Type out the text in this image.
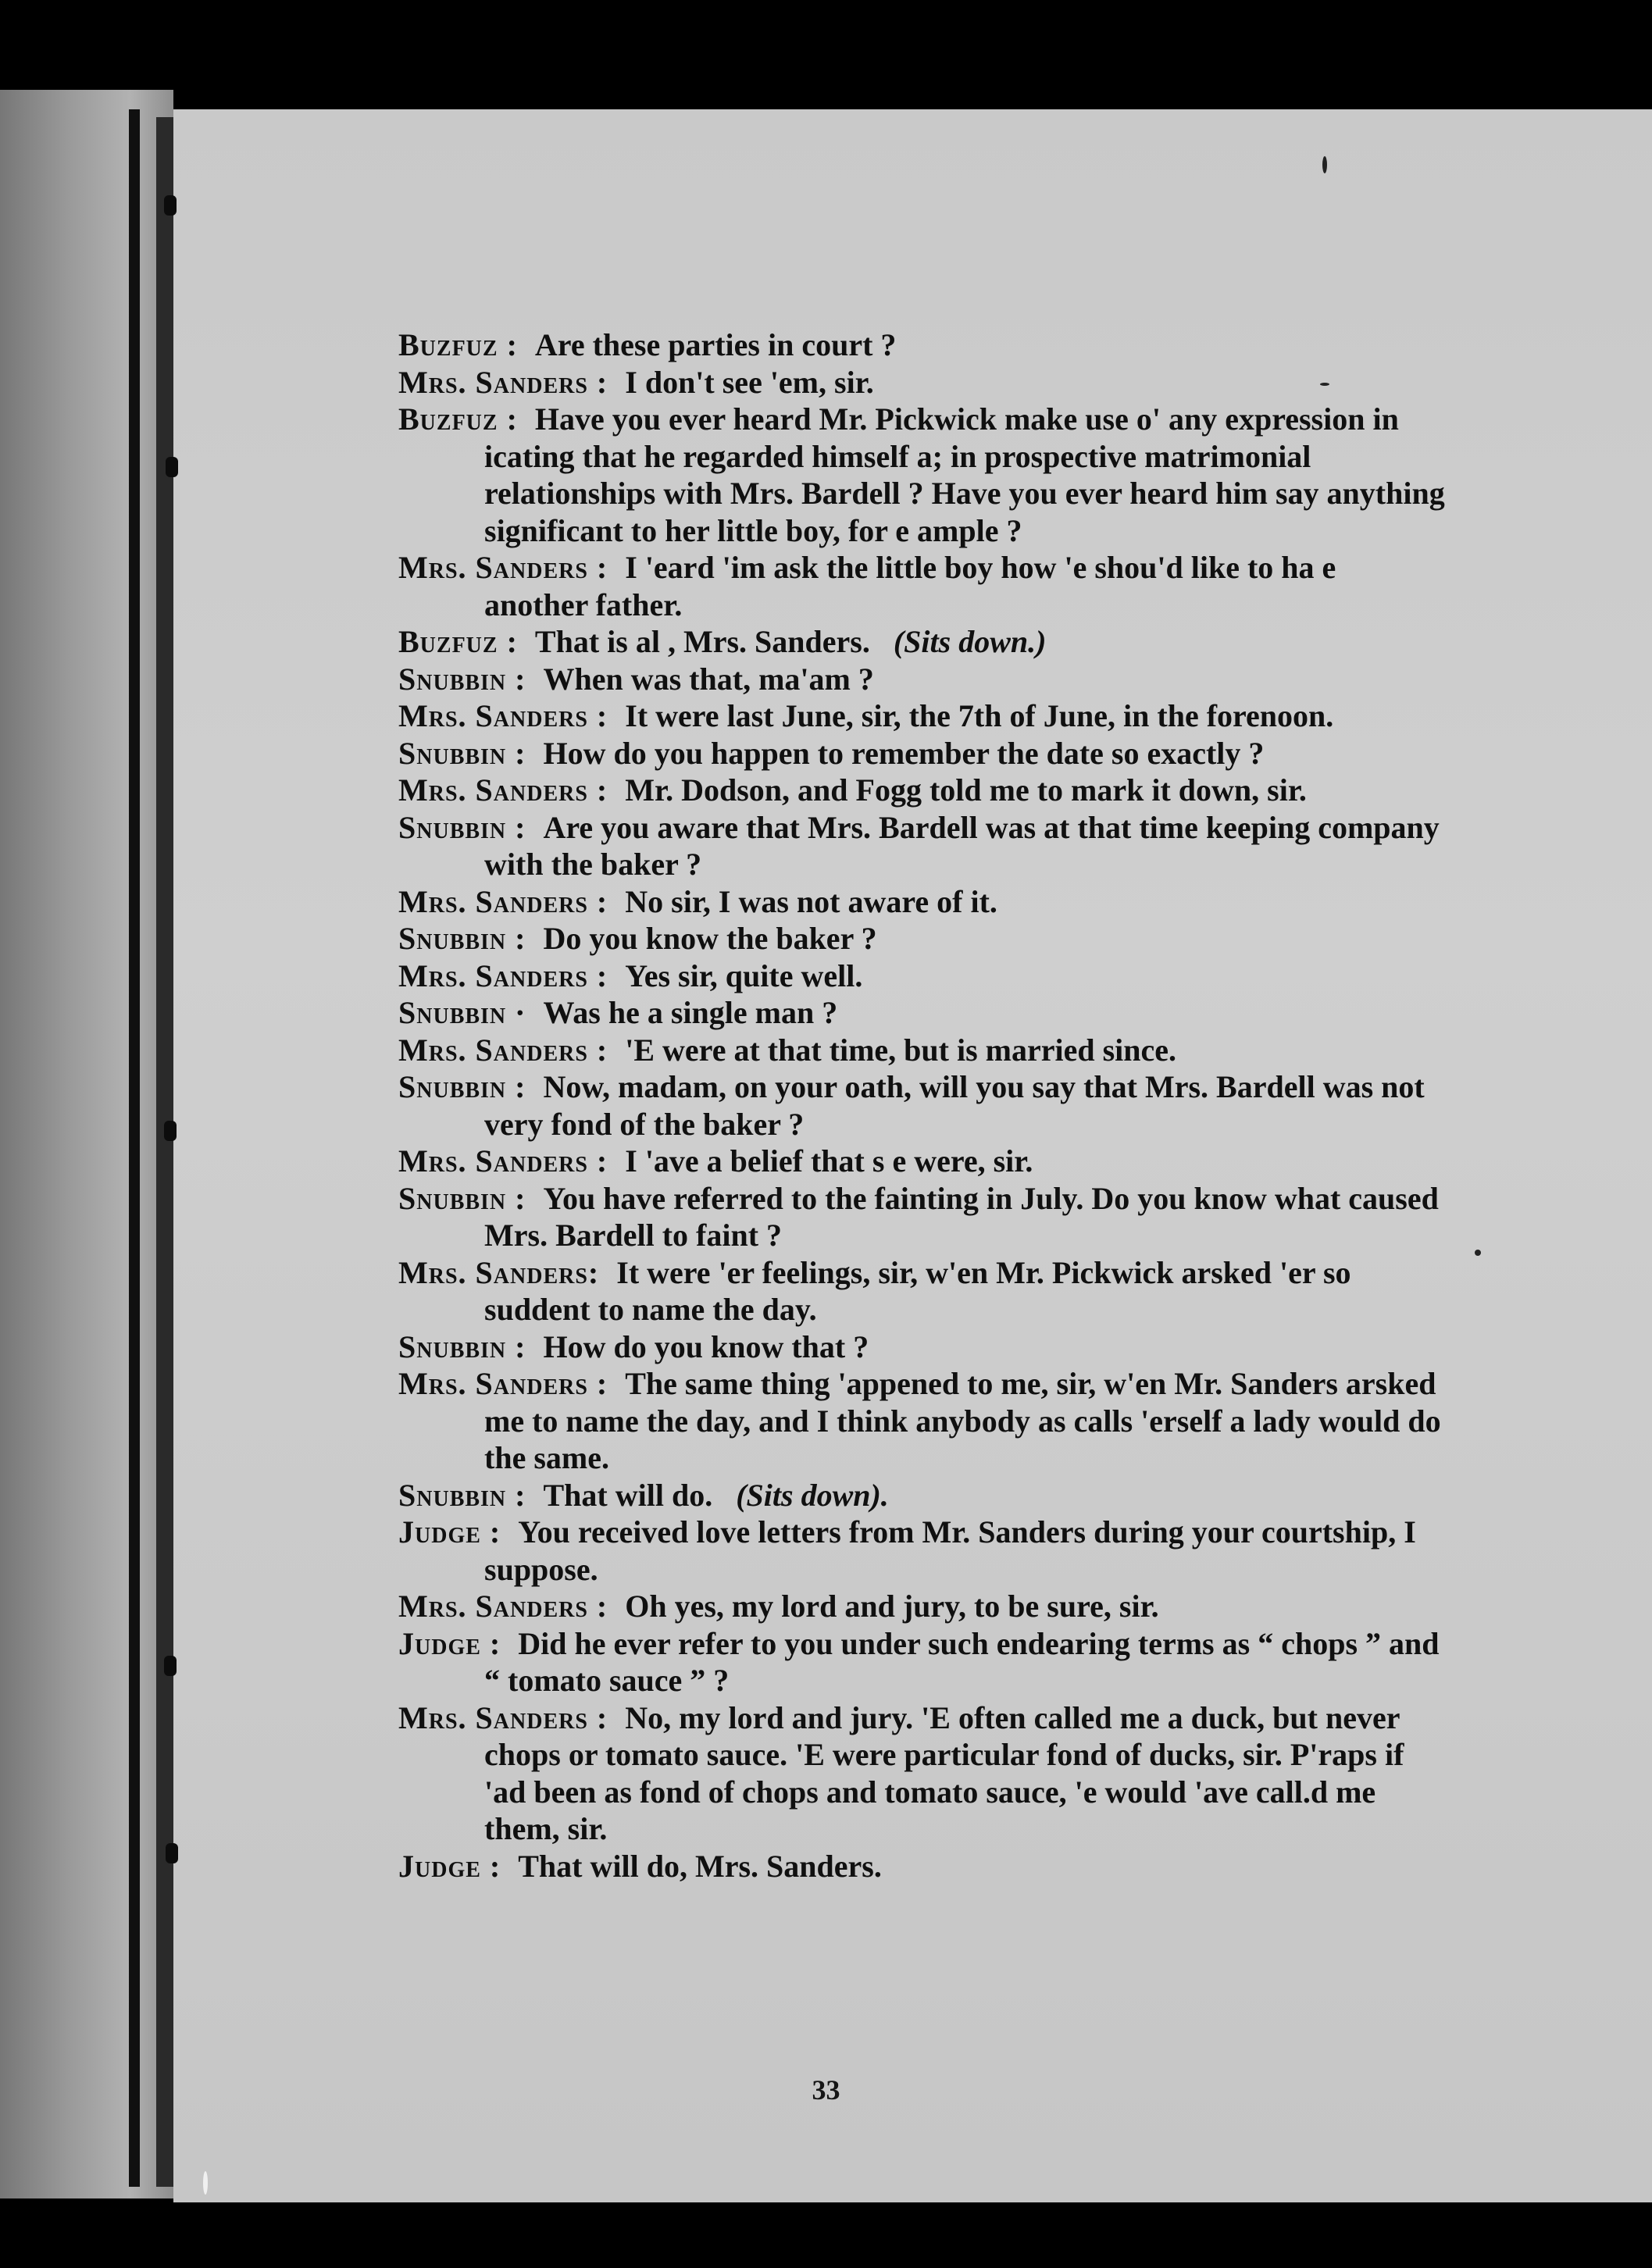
Buzfuz : Are these parties in court ?

Mrs. Sanders : I don't see 'em, sir.

Buzfuz : Have you ever heard Mr. Pickwick make use o' any expression in icating that he regarded himself a; in prospective matrimonial relationships with Mrs. Bardell ? Have you ever heard him say anything significant to her little boy, for e ample ?

Mrs. Sanders : I 'eard 'im ask the little boy how 'e shou'd like to ha e another father.

Buzfuz : That is al , Mrs. Sanders. (Sits down.)

Snubbin : When was that, ma'am ?

Mrs. Sanders : It were last June, sir, the 7th of June, in the forenoon.

Snubbin : How do you happen to remember the date so exactly ?

Mrs. Sanders : Mr. Dodson, and Fogg told me to mark it down, sir.

Snubbin : Are you aware that Mrs. Bardell was at that time keeping company with the baker ?

Mrs. Sanders : No sir, I was not aware of it.

Snubbin : Do you know the baker ?

Mrs. Sanders : Yes sir, quite well.

Snubbin · Was he a single man ?

Mrs. Sanders : 'E were at that time, but is married since.

Snubbin : Now, madam, on your oath, will you say that Mrs. Bardell was not very fond of the baker ?

Mrs. Sanders : I 'ave a belief that s e were, sir.

Snubbin : You have referred to the fainting in July. Do you know what caused Mrs. Bardell to faint ?

Mrs. Sanders: It were 'er feelings, sir, w'en Mr. Pickwick arsked 'er so suddent to name the day.

Snubbin : How do you know that ?

Mrs. Sanders : The same thing 'appened to me, sir, w'en Mr. Sanders arsked me to name the day, and I think anybody as calls 'erself a lady would do the same.

Snubbin : That will do. (Sits down).

Judge : You received love letters from Mr. Sanders during your courtship, I suppose.

Mrs. Sanders : Oh yes, my lord and jury, to be sure, sir.

Judge : Did he ever refer to you under such endearing terms as “ chops ” and “ tomato sauce ” ?

Mrs. Sanders : No, my lord and jury. 'E often called me a duck, but never chops or tomato sauce. 'E were particular fond of ducks, sir. P'raps if 'ad been as fond of chops and tomato sauce, 'e would 'ave call.d me them, sir.

Judge : That will do, Mrs. Sanders.

33
